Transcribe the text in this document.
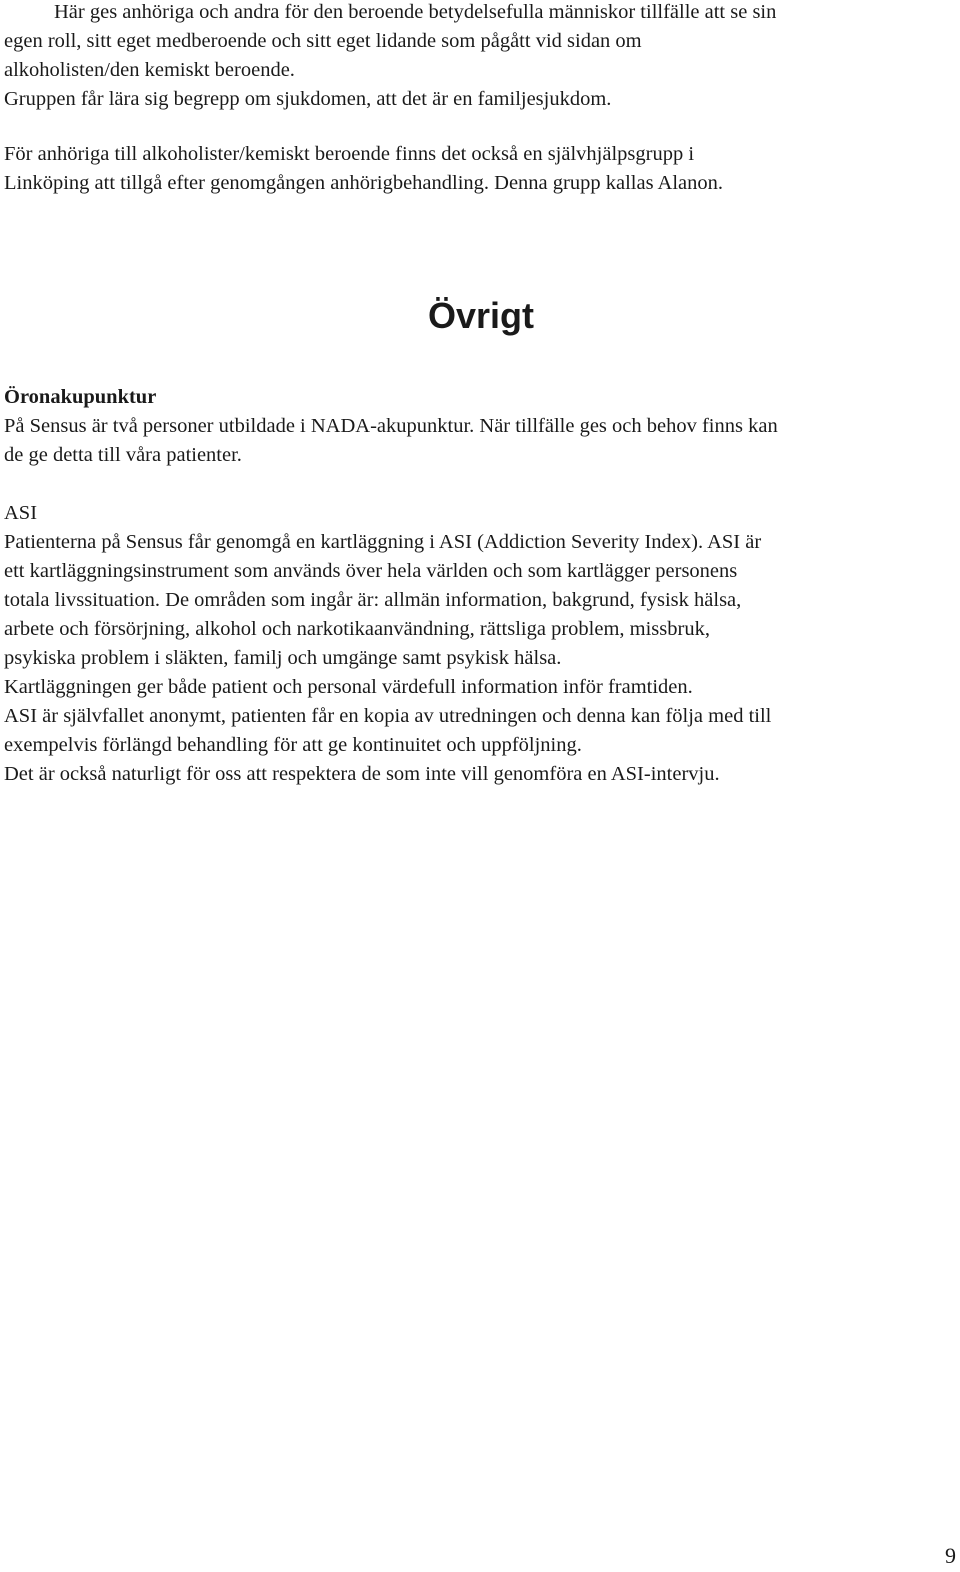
Här ges anhöriga och andra för den beroende betydelsefulla människor tillfälle att se sin
egen roll, sitt eget medberoende och sitt eget lidande som pågått vid sidan om
alkoholisten/den kemiskt beroende.
Gruppen får lära sig begrepp om sjukdomen, att det är en familjesjukdom.

För anhöriga till alkoholister/kemiskt beroende finns det också en självhjälpsgrupp i
Linköping att tillgå efter genomgången anhörigbehandling. Denna grupp kallas Alanon.

Övrigt
Öronakupunktur

På Sensus är två personer utbildade i NADA-akupunktur. När tillfälle ges och behov finns kan
de ge detta till våra patienter.

ASI

Patienterna på Sensus får genomgå en kartläggning i ASI (Addiction Severity Index). ASI är
ett kartläggningsinstrument som används över hela världen och som kartlägger personens
totala livssituation. De områden som ingår är: allmän information, bakgrund, fysisk hälsa,
arbete och försörjning, alkohol och narkotikaanvändning, rättsliga problem, missbruk,
psykiska problem i släkten, familj och umgänge samt psykisk hälsa.
Kartläggningen ger både patient och personal värdefull information inför framtiden.
ASI är självfallet anonymt, patienten får en kopia av utredningen och denna kan följa med till
exempelvis förlängd behandling för att ge kontinuitet och uppföljning.
Det är också naturligt för oss att respektera de som inte vill genomföra en ASI-intervju.

9
